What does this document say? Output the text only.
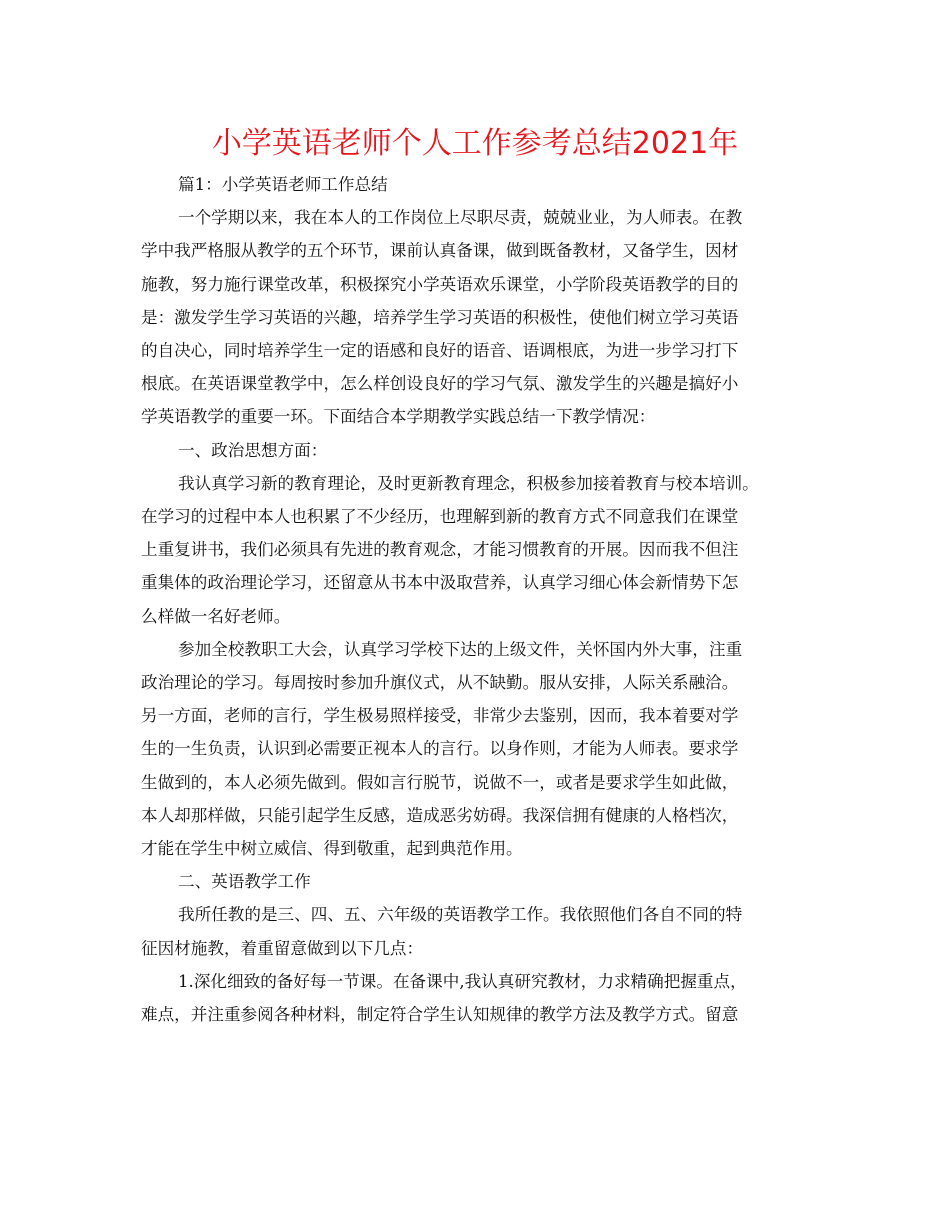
小学英语老师个人工作参考总结2021年
篇1：小学英语老师工作总结
一个学期以来，我在本人的工作岗位上尽职尽责，兢兢业业，为人师表。在教
学中我严格服从教学的五个环节，课前认真备课，做到既备教材，又备学生，因材
施教，努力施行课堂改革，积极探究小学英语欢乐课堂，小学阶段英语教学的目的
是：激发学生学习英语的兴趣，培养学生学习英语的积极性，使他们树立学习英语
的自决心，同时培养学生一定的语感和良好的语音、语调根底，为进一步学习打下
根底。在英语课堂教学中，怎么样创设良好的学习气氛、激发学生的兴趣是搞好小
学英语教学的重要一环。下面结合本学期教学实践总结一下教学情况：
一、政治思想方面：
我认真学习新的教育理论，及时更新教育理念，积极参加接着教育与校本培训。
在学习的过程中本人也积累了不少经历，也理解到新的教育方式不同意我们在课堂
上重复讲书，我们必须具有先进的教育观念，才能习惯教育的开展。因而我不但注
重集体的政治理论学习，还留意从书本中汲取营养，认真学习细心体会新情势下怎
么样做一名好老师。
参加全校教职工大会，认真学习学校下达的上级文件，关怀国内外大事，注重
政治理论的学习。每周按时参加升旗仪式，从不缺勤。服从安排，人际关系融洽。
另一方面，老师的言行，学生极易照样接受，非常少去鉴别，因而，我本着要对学
生的一生负责，认识到必需要正视本人的言行。以身作则，才能为人师表。要求学
生做到的，本人必须先做到。假如言行脱节，说做不一，或者是要求学生如此做，
本人却那样做，只能引起学生反感，造成恶劣妨碍。我深信拥有健康的人格档次，
才能在学生中树立威信、得到敬重，起到典范作用。
二、英语教学工作
我所任教的是三、四、五、六年级的英语教学工作。我依照他们各自不同的特
征因材施教，着重留意做到以下几点：
1.深化细致的备好每一节课。在备课中,我认真研究教材，力求精确把握重点，
难点，并注重参阅各种材料，制定符合学生认知规律的教学方法及教学方式。留意
